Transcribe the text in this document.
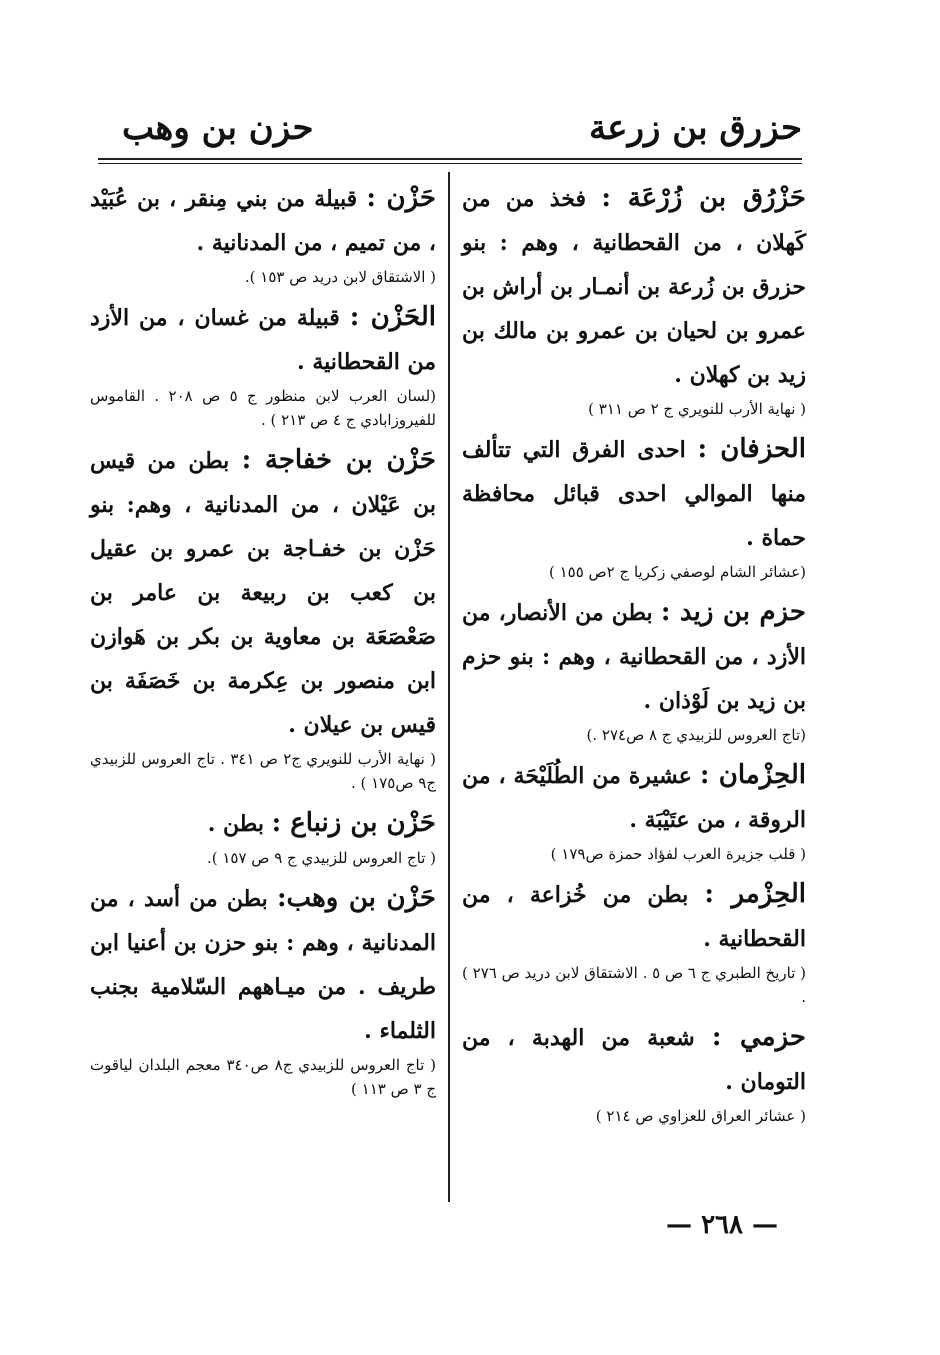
حزرق بن زرعة
حزن بن وهب

حَزْرُق بن زُرْعَة : فخذ من من كَهلان ، من القحطانية ، وهم : بنو حزرق بن زُرعة بن أنمـار بن أراش بن عمرو بن لحيان بن عمرو بن مالك بن زيد بن كهلان .

( نهاية الأرب للنويري ج ٢ ص ٣١١ )

الحزفان : احدى الفرق التي تتألف منها الموالي احدى قبائل محافظة حماة .

(عشائر الشام لوصفي زكريا ج ٢ص ١٥٥ )

حزم بن زيد : بطن من الأنصار، من الأزد ، من القحطانية ، وهم : بنو حزم بن زيد بن لَوْذان .

(تاج العروس للزبيدي ج ٨ ص٢٧٤ .)

الحِزْمان : عشيرة من الطُلَيْحَة ، من الروقة ، من عتَيْبَة .

( قلب جزيرة العرب لفؤاد حمزة ص١٧٩ )

الحِزْمر : بطن من خُزاعة ، من القحطانية .

( تاريخ الطبري ج ٦ ص ٥ . الاشتقاق لابن دريد ص ٢٧٦ ) .

حزمي : شعبة من الهدبة ، من التومان .

( عشائر العراق للعزاوي ص ٢١٤ )

حَزْن : قبيلة من بني مِنقر ، بن عُبَيْد ، من تميم ، من المدنانية .

( الاشتقاق لابن دريد ص ١٥٣ ).

الحَزْن : قبيلة من غسان ، من الأزد من القحطانية .

(لسان العرب لابن منظور ج ٥ ص ٢٠٨ . القاموس للفيروزابادي ج ٤ ص ٢١٣ ) .

حَزْن بن خفاجة : بطن من قيس بن عَيْلان ، من المدنانية ، وهم: بنو حَزْن بن خفـاجة بن عمرو بن عقيل بن كعب بن ربيعة بن عامر بن صَعْصَعَة بن معاوية بن بكر بن هَوازن ابن منصور بن عِكرمة بن خَصَفَة بن قيس بن عيلان .

( نهاية الأرب للنويري ج٢ ص ٣٤١ . تاج العروس للزبيدي ج٩ ص١٧٥ ) .

حَزْن بن زنباع : بطن .

( تاج العروس للزبيدي ج ٩ ص ١٥٧ ).

حَزْن بن وهب: بطن من أسد ، من المدنانية ، وهم : بنو حزن بن أعنيا ابن طريف . من ميـاههم السّلامية بجنب الثلماء .

( تاج العروس للزبيدي ج٨ ص٣٤٠ معجم البلدان لياقوت ج ٣ ص ١١٣ )

— ٢٦٨ —
